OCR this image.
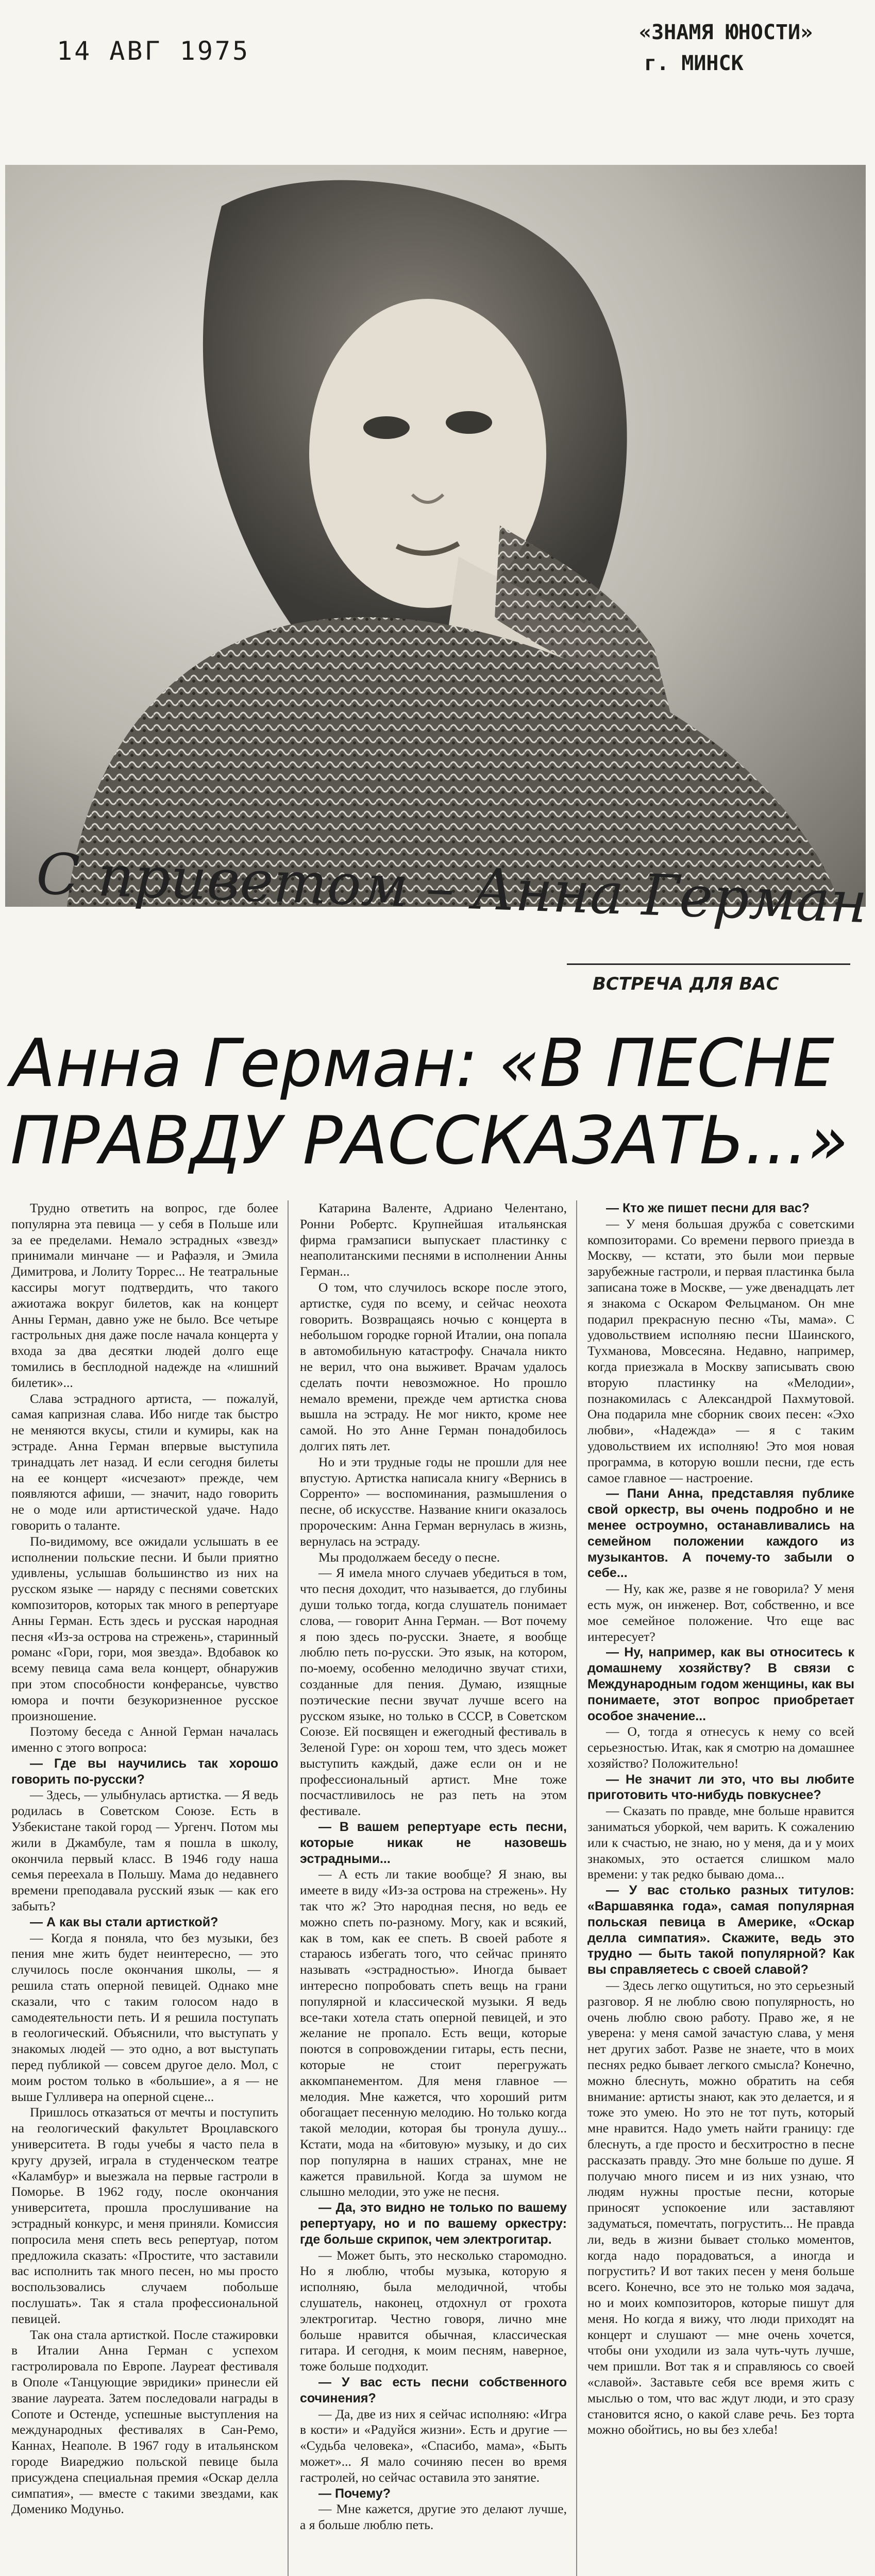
14 АВГ 1975
«ЗНАМЯ ЮНОСТИ»
г. МИНСК
С приветом – Анна Герман
ВСТРЕЧА ДЛЯ ВАС
Анна Герман: «В ПЕСНЕ
ПРАВДУ РАССКАЗАТЬ...»

Трудно ответить на вопрос, где более популярна эта певица — у себя в Польше или за ее пределами. Немало эстрадных «звезд» принимали минчане — и Рафаэля, и Эмила Димитрова, и Лолиту Торрес... Не театральные кассиры могут подтвердить, что такого ажиотажа вокруг билетов, как на концерт Анны Герман, давно уже не было. Все четыре гастрольных дня даже после начала концерта у входа за два десятки людей долго еще томились в бесплодной надежде на «лишний билетик»...

Слава эстрадного артиста, — пожалуй, самая капризная слава. Ибо нигде так быстро не меняются вкусы, стили и кумиры, как на эстраде. Анна Герман впервые выступила тринадцать лет назад. И если сегодня билеты на ее концерт «исчезают» прежде, чем появляются афиши, — значит, надо говорить не о моде или артистической удаче. Надо говорить о таланте.

По-видимому, все ожидали услышать в ее исполнении польские песни. И были приятно удивлены, услышав большинство из них на русском языке — наряду с песнями советских композиторов, которых так много в репертуаре Анны Герман. Есть здесь и русская народная песня «Из-за острова на стрежень», старинный романс «Гори, гори, моя звезда». Вдобавок ко всему певица сама вела концерт, обнаружив при этом способности конферансье, чувство юмора и почти безукоризненное русское произношение.

Поэтому беседа с Анной Герман началась именно с этого вопроса:

— Где вы научились так хорошо говорить по-русски?

— Здесь, — улыбнулась артистка. — Я ведь родилась в Советском Союзе. Есть в Узбекистане такой город — Ургенч. Потом мы жили в Джамбуле, там я пошла в школу, окончила первый класс. В 1946 году наша семья переехала в Польшу. Мама до недавнего времени преподавала русский язык — как его забыть?

— А как вы стали артисткой?

— Когда я поняла, что без музыки, без пения мне жить будет неинтересно, — это случилось после окончания школы, — я решила стать оперной певицей. Однако мне сказали, что с таким голосом надо в самодеятельности петь. И я решила поступать в геологический. Объяснили, что выступать у знакомых людей — это одно, а вот выступать перед публикой — совсем другое дело. Мол, с моим ростом только в «большие», а я — не выше Гулливера на оперной сцене...

Пришлось отказаться от мечты и поступить на геологический факультет Вроцлавского университета. В годы учебы я часто пела в кругу друзей, играла в студенческом театре «Каламбур» и выезжала на первые гастроли в Поморье. В 1962 году, после окончания университета, прошла прослушивание на эстрадный конкурс, и меня приняли. Комиссия попросила меня спеть весь репертуар, потом предложила сказать: «Простите, что заставили вас исполнить так много песен, но мы просто воспользовались случаем побольше послушать». Так я стала профессиональной певицей.

Так она стала артисткой. После стажировки в Италии Анна Герман с успехом гастролировала по Европе. Лауреат фестиваля в Ополе «Танцующие эвридики» принесли ей звание лауреата. Затем последовали награды в Сопоте и Остенде, успешные выступления на международных фестивалях в Сан-Ремо, Каннах, Неаполе. В 1967 году в итальянском городе Виареджио польской певице была присуждена специальная премия «Оскар деллa симпатия», — вместе с такими звездами, как Доменико Модуньо.

Катарина Валенте, Адриано Челентано, Ронни Робертс. Крупнейшая итальянская фирма грамзаписи выпускает пластинку с неаполитанскими песнями в исполнении Анны Герман...

О том, что случилось вскоре после этого, артистке, судя по всему, и сейчас неохота говорить. Возвращаясь ночью с концерта в небольшом городке горной Италии, она попала в автомобильную катастрофу. Сначала никто не верил, что она выживет. Врачам удалось сделать почти невозможное. Но прошло немало времени, прежде чем артистка снова вышла на эстраду. Не мог никто, кроме нее самой. Но это Анне Герман понадобилось долгих пять лет.

Но и эти трудные годы не прошли для нее впустую. Артистка написала книгу «Вернись в Сорренто» — воспоминания, размышления о песне, об искусстве. Название книги оказалось пророческим: Анна Герман вернулась в жизнь, вернулась на эстраду.

Мы продолжаем беседу о песне.

— Я имела много случаев убедиться в том, что песня доходит, что называется, до глубины души только тогда, когда слушатель понимает слова, — говорит Анна Герман. — Вот почему я пою здесь по-русски. Знаете, я вообще люблю петь по-русски. Это язык, на котором, по-моему, особенно мелодично звучат стихи, созданные для пения. Думаю, изящные поэтические песни звучат лучше всего на русском языке, но только в СССР, в Советском Союзе. Ей посвящен и ежегодный фестиваль в Зеленой Гуре: он хорош тем, что здесь может выступить каждый, даже если он и не профессиональный артист. Мне тоже посчастливилось не раз петь на этом фестивале.

— В вашем репертуаре есть песни, которые никак не назовешь эстрадными...

— А есть ли такие вообще? Я знаю, вы имеете в виду «Из-за острова на стрежень». Ну так что ж? Это народная песня, но ведь ее можно спеть по-разному. Могу, как и всякий, как в том, как ее спеть. В своей работе я стараюсь избегать того, что сейчас принято называть «эстрадностью». Иногда бывает интересно попробовать спеть вещь на грани популярной и классической музыки. Я ведь все-таки хотела стать оперной певицей, и это желание не пропало. Есть вещи, которые поются в сопровождении гитары, есть песни, которые не стоит перегружать аккомпанементом. Для меня главное — мелодия. Мне кажется, что хороший ритм обогащает песенную мелодию. Но только когда такой мелодии, которая бы тронула душу... Кстати, мода на «битовую» музыку, и до сих пор популярна в наших странах, мне не кажется правильной. Когда за шумом не слышно мелодии, это уже не песня.

— Да, это видно не только по вашему репертуару, но и по вашему оркестру: где больше скрипок, чем электрогитар.

— Может быть, это несколько старомодно. Но я люблю, чтобы музыка, которую я исполняю, была мелодичной, чтобы слушатель, наконец, отдохнул от грохота электрогитар. Честно говоря, лично мне больше нравится обычная, классическая гитара. И сегодня, к моим песням, наверное, тоже больше подходит.

— У вас есть песни собственного сочинения?

— Да, две из них я сейчас исполняю: «Игра в кости» и «Радуйся жизни». Есть и другие — «Судьба человека», «Спасибо, мама», «Быть может»... Я мало сочиняю песен во время гастролей, но сейчас оставила это занятие.

— Почему?

— Мне кажется, другие это делают лучше, а я больше люблю петь.

— Кто же пишет песни для вас?

— У меня большая дружба с советскими композиторами. Со времени первого приезда в Москву, — кстати, это были мои первые зарубежные гастроли, и первая пластинка была записана тоже в Москве, — уже двенадцать лет я знакома с Оскаром Фельцманом. Он мне подарил прекрасную песню «Ты, мама». С удовольствием исполняю песни Шаинского, Тухманова, Мовсесяна. Недавно, например, когда приезжала в Москву записывать свою вторую пластинку на «Мелодии», познакомилась с Александрой Пахмутовой. Она подарила мне сборник своих песен: «Эхо любви», «Надежда» — я с таким удовольствием их исполняю! Это моя новая программа, в которую вошли песни, где есть самое главное — настроение.

— Пани Анна, представляя публике свой оркестр, вы очень подробно и не менее остроумно, останавливались на семейном положении каждого из музыкантов. А почему-то забыли о себе...

— Ну, как же, разве я не говорила? У меня есть муж, он инженер. Вот, собственно, и все мое семейное положение. Что еще вас интересует?

— Ну, например, как вы относитесь к домашнему хозяйству? В связи с Международным годом женщины, как вы понимаете, этот вопрос приобретает особое значение...

— О, тогда я отнесусь к нему со всей серьезностью. Итак, как я смотрю на домашнее хозяйство? Положительно!

— Не значит ли это, что вы любите приготовить что-нибудь повкуснее?

— Сказать по правде, мне больше нравится заниматься уборкой, чем варить. К сожалению или к счастью, не знаю, но у меня, да и у моих знакомых, это остается слишком мало времени: у так редко бываю дома...

— У вас столько разных титулов: «Варшавянка года», самая популярная польская певица в Америке, «Оскар деллa симпатия». Скажите, ведь это трудно — быть такой популярной? Как вы справляетесь с своей славой?

— Здесь легко ощутиться, но это серьезный разговор. Я не люблю свою популярность, но очень люблю свою работу. Право же, я не уверена: у меня самой зачастую слава, у меня нет других забот. Разве не знаете, что в моих песнях редко бывает легкого смысла? Конечно, можно блеснуть, можно обратить на себя внимание: артисты знают, как это делается, и я тоже это умею. Но это не тот путь, который мне нравится. Надо уметь найти границу: где блеснуть, а где просто и бесхитростно в песне рассказать правду. Это мне больше по душе. Я получаю много писем и из них узнаю, что людям нужны простые песни, которые приносят успокоение или заставляют задуматься, помечтать, погрустить... Не правда ли, ведь в жизни бывает столько моментов, когда надо порадоваться, а иногда и погрустить? И вот таких песен у меня больше всего. Конечно, все это не только моя задача, но и моих композиторов, которые пишут для меня. Но когда я вижу, что люди приходят на концерт и слушают — мне очень хочется, чтобы они уходили из зала чуть-чуть лучше, чем пришли. Вот так я и справляюсь со своей «славой». Заставьте себя все время жить с мыслью о том, что вас ждут люди, и это сразу становится ясно, о какой славе речь. Без торта можно обойтись, но вы без хлеба!
